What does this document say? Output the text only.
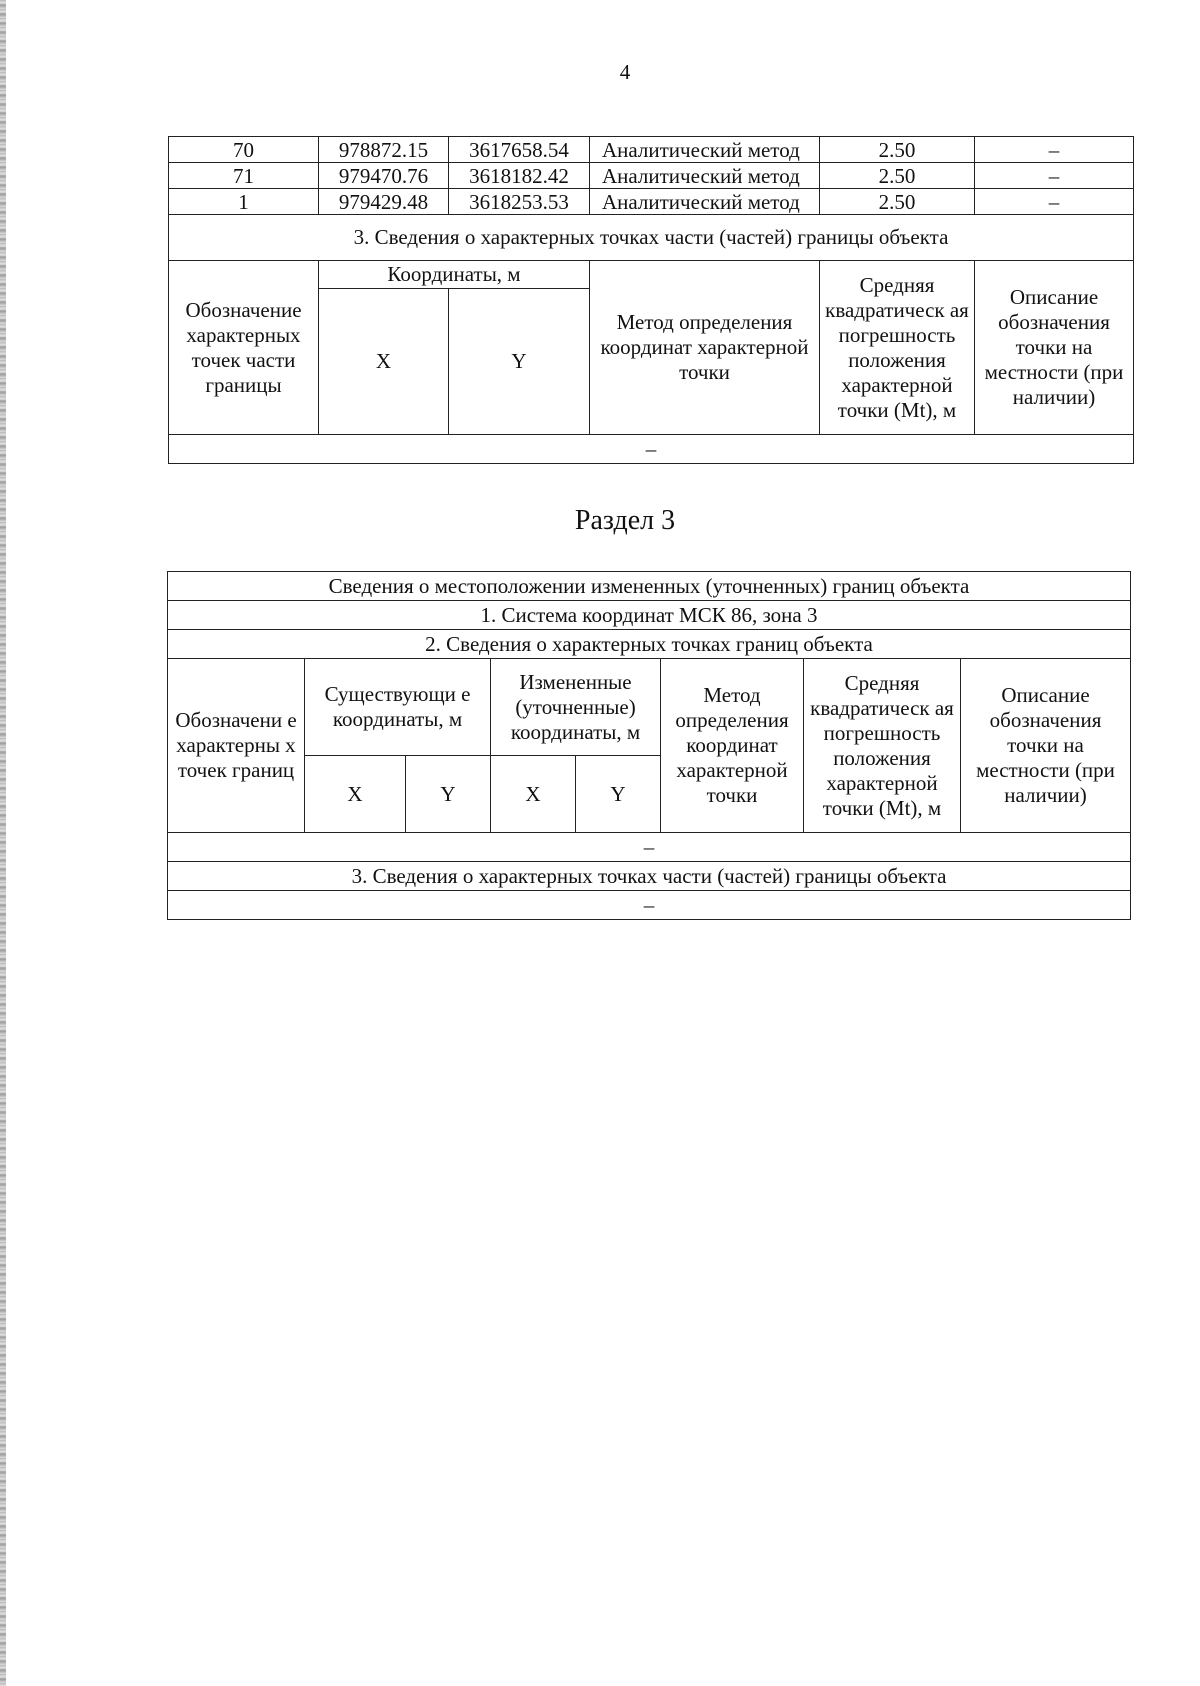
4
70	978872.15	3617658.54	Аналитический метод	2.50	–
71	979470.76	3618182.42	Аналитический метод	2.50	–
1	979429.48	3618253.53	Аналитический метод	2.50	–
3. Сведения о характерных точках части (частей) границы объекта					
Обозначение характерных точек части границы	Координаты, м		Метод определения координат характерной точки	Средняя квадратическ ая погрешность положения характерной точки (Mt), м	Описание обозначения точки на местности (при наличии)
	X	Y			
–					
Раздел 3
Сведения о местоположении измененных (уточненных) границ объекта							
1. Система координат МСК 86, зона 3							
2. Сведения о характерных точках границ объекта							
Обозначени е характерны х точек границ	Существующи е координаты, м		Измененные (уточненные) координаты, м		Метод определения координат характерной точки	Средняя квадратическ ая погрешность положения характерной точки (Mt), м	Описание обозначения точки на местности (при наличии)
	X	Y	X	Y			
–							
3. Сведения о характерных точках части (частей) границы объекта							
–							
